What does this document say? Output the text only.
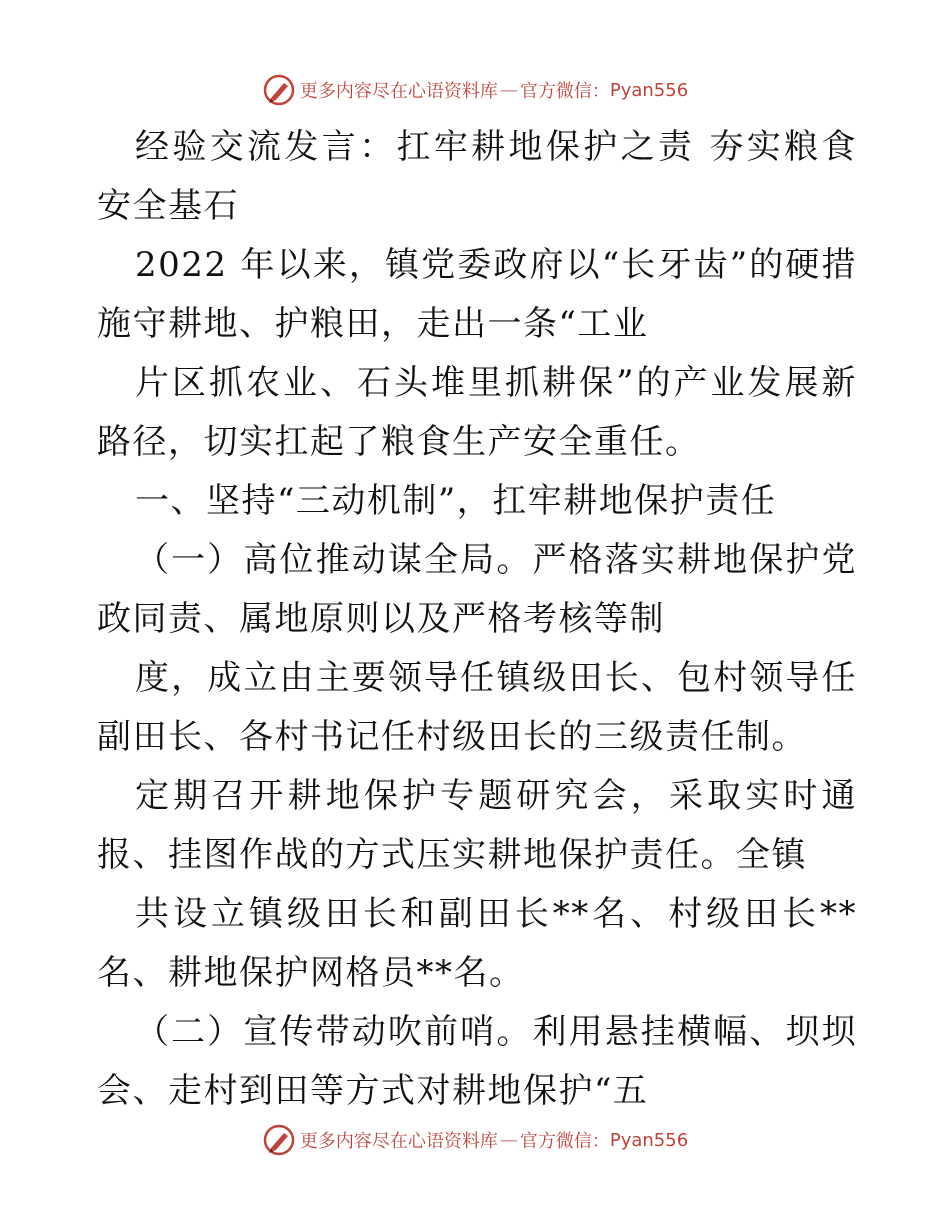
更多内容尽在心语资料库 — 官方微信： Pyan556

经验交流发言：扛牢耕地保护之责 夯实粮食安全基石

2022 年以来，镇党委政府以“长牙齿”的硬措施守耕地、护粮田，走出一条“工业

片区抓农业、石头堆里抓耕保”的产业发展新路径，切实扛起了粮食生产安全重任。

一、坚持“三动机制”，扛牢耕地保护责任

（一）高位推动谋全局。严格落实耕地保护党政同责、属地原则以及严格考核等制

度，成立由主要领导任镇级田长、包村领导任副田长、各村书记任村级田长的三级责任制。

定期召开耕地保护专题研究会，采取实时通报、挂图作战的方式压实耕地保护责任。全镇

共设立镇级田长和副田长**名、村级田长**名、耕地保护网格员**名。

（二）宣传带动吹前哨。利用悬挂横幅、坝坝会、走村到田等方式对耕地保护“五

更多内容尽在心语资料库 — 官方微信： Pyan556
